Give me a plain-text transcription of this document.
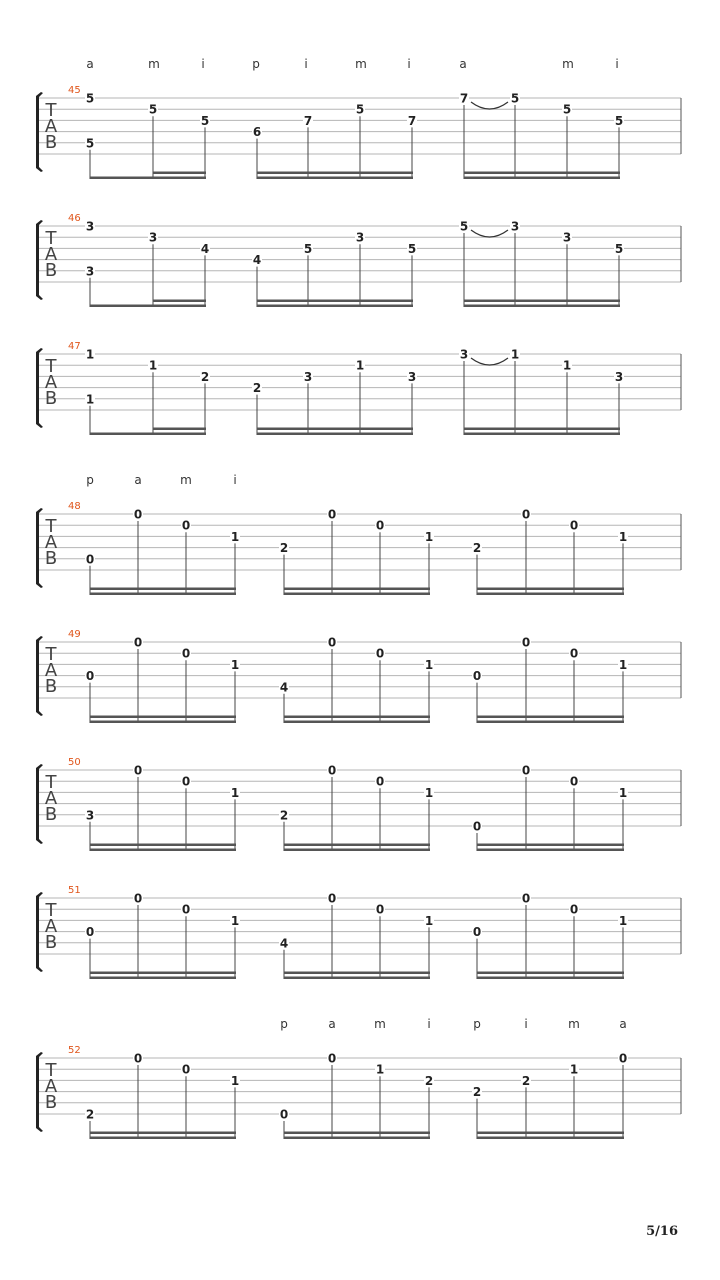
a	m	i	p	i	m	i	a	m	i
T
A
B
45
5
5
5
5
6
7
5
7
7	5
5
5
T
A
B
46
3
3
3
4
4
5
3
5
5	3
3
5
T
A
B
47
1
1
1
2
2
3
1
3
3	1
1
3
p	a	m	i
T
A
B
48
0
0
0
1
2
0
0
1
2
0
0
1
T
A
B
49
0
0
0
1
4
0
0
1
0
0
0
1
T
A
B
50
3
0
0
1
2
0
0
1
0
0
0
1
T
A
B
51
0
0
0
1
4
0
0
1
0
0
0
1
p	a	m	i	p	i	m	a
T
A
B
52
2
0
0
1
0
0
1
2
2
2
1
0
5/16
